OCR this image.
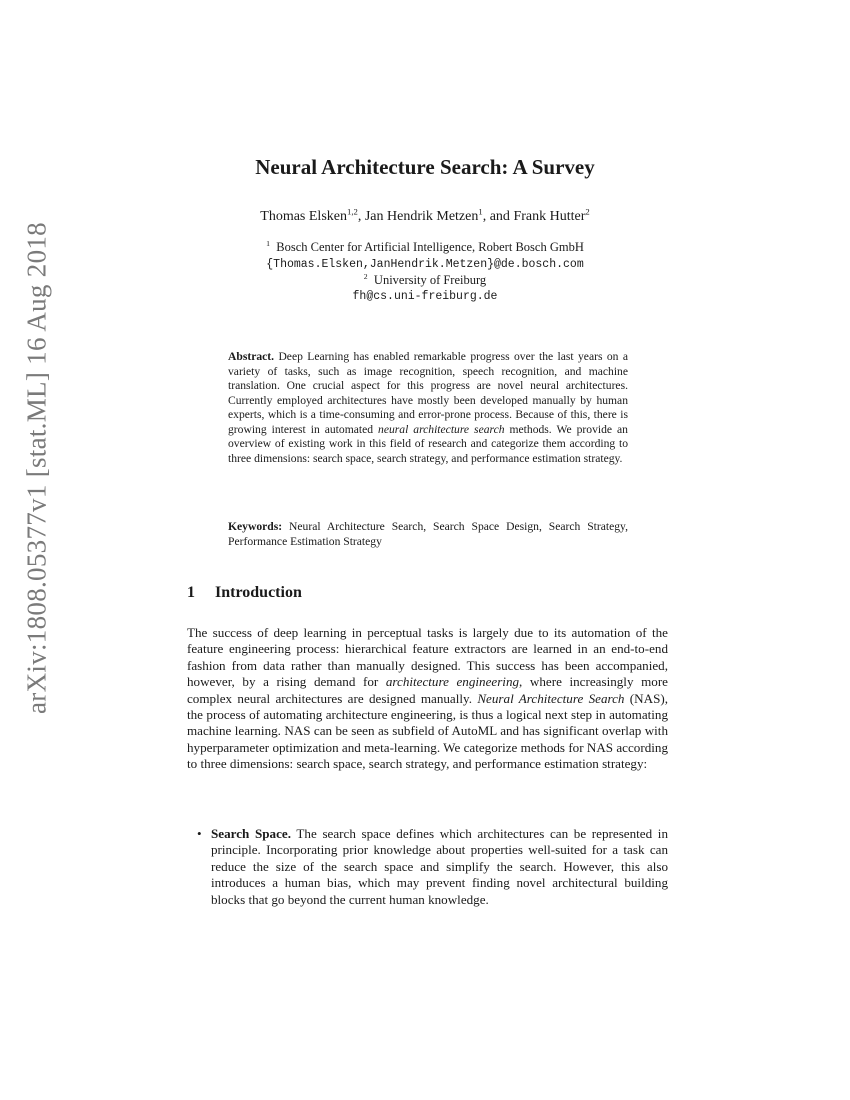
arXiv:1808.05377v1 [stat.ML] 16 Aug 2018
Neural Architecture Search: A Survey
Thomas Elsken$^{1,2}$, Jan Hendrik Metzen$^1$, and Frank Hutter$^2$
$^1$ Bosch Center for Artificial Intelligence, Robert Bosch GmbH
{Thomas.Elsken,JanHendrik.Metzen}@de.bosch.com
$^2$ University of Freiburg
fh@cs.uni-freiburg.de
Abstract. Deep Learning has enabled remarkable progress over the last years on a variety of tasks, such as image recognition, speech recognition, and machine translation. One crucial aspect for this progress are novel neural architectures. Currently employed architectures have mostly been developed manually by human experts, which is a time-consuming and error-prone process. Because of this, there is growing interest in automated neural architecture search methods. We provide an overview of existing work in this field of research and categorize them according to three dimensions: search space, search strategy, and performance estimation strategy.
Keywords: Neural Architecture Search, Search Space Design, Search Strategy, Performance Estimation Strategy
1 Introduction
The success of deep learning in perceptual tasks is largely due to its automation of the feature engineering process: hierarchical feature extractors are learned in an end-to-end fashion from data rather than manually designed. This success has been accompanied, however, by a rising demand for architecture engineering, where increasingly more complex neural architectures are designed manually. Neural Architecture Search (NAS), the process of automating architecture engineering, is thus a logical next step in automating machine learning. NAS can be seen as subfield of AutoML and has significant overlap with hyperparameter optimization and meta-learning. We categorize methods for NAS according to three dimensions: search space, search strategy, and performance estimation strategy:
• Search Space. The search space defines which architectures can be represented in principle. Incorporating prior knowledge about properties well-suited for a task can reduce the size of the search space and simplify the search. However, this also introduces a human bias, which may prevent finding novel architectural building blocks that go beyond the current human knowledge.
